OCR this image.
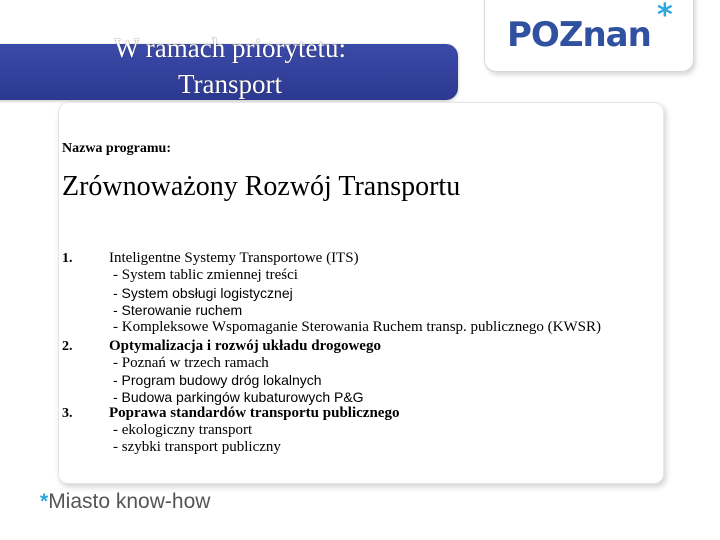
W ramach priorytetu:
Transport
POZnan *
Nazwa programu:
Zrównoważony Rozwój Transportu
1. Inteligentne Systemy Transportowe (ITS)
- System tablic zmiennej treści
- System obsługi logistycznej
- Sterowanie ruchem
- Kompleksowe Wspomaganie Sterowania Ruchem transp. publicznego (KWSR)
2. Optymalizacja i rozwój układu drogowego
- Poznań w trzech ramach
- Program budowy dróg lokalnych
- Budowa parkingów kubaturowych P&G
3. Poprawa standardów transportu publicznego
- ekologiczny transport
- szybki transport publiczny
*Miasto know-how
